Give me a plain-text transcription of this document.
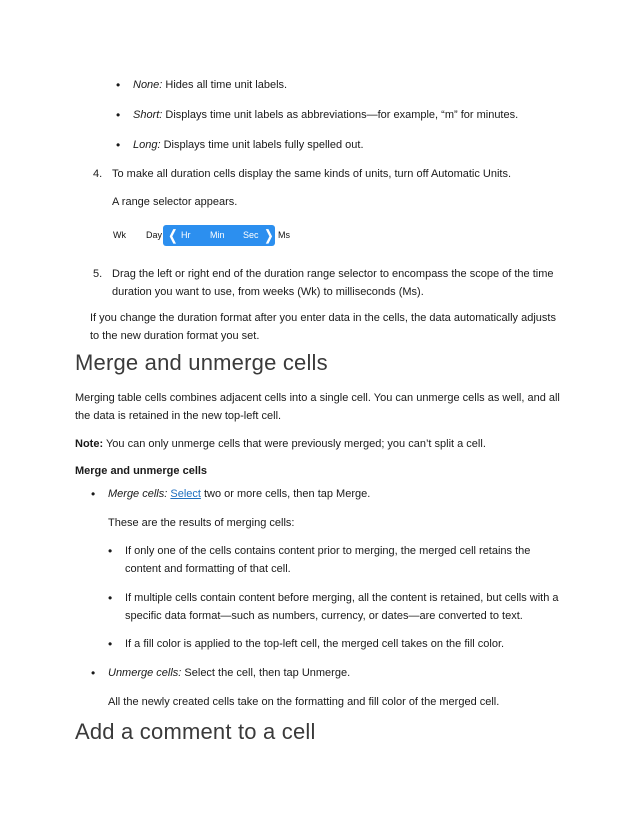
• None: Hides all time unit labels.
• Short: Displays time unit labels as abbreviations—for example, “m” for minutes.
• Long: Displays time unit labels fully spelled out.
4. To make all duration cells display the same kinds of units, turn off Automatic Units.
A range selector appears.
Wk Day ❬ Hr Min Sec ❭ Ms
5. Drag the left or right end of the duration range selector to encompass the scope of the time
duration you want to use, from weeks (Wk) to milliseconds (Ms).
If you change the duration format after you enter data in the cells, the data automatically adjusts
to the new duration format you set.
Merge and unmerge cells
Merging table cells combines adjacent cells into a single cell. You can unmerge cells as well, and all
the data is retained in the new top-left cell.
Note: You can only unmerge cells that were previously merged; you can’t split a cell.
Merge and unmerge cells
• Merge cells: Select two or more cells, then tap Merge.
These are the results of merging cells:
• If only one of the cells contains content prior to merging, the merged cell retains the
content and formatting of that cell.
• If multiple cells contain content before merging, all the content is retained, but cells with a
specific data format—such as numbers, currency, or dates—are converted to text.
• If a fill color is applied to the top-left cell, the merged cell takes on the fill color.
• Unmerge cells: Select the cell, then tap Unmerge.
All the newly created cells take on the formatting and fill color of the merged cell.
Add a comment to a cell
